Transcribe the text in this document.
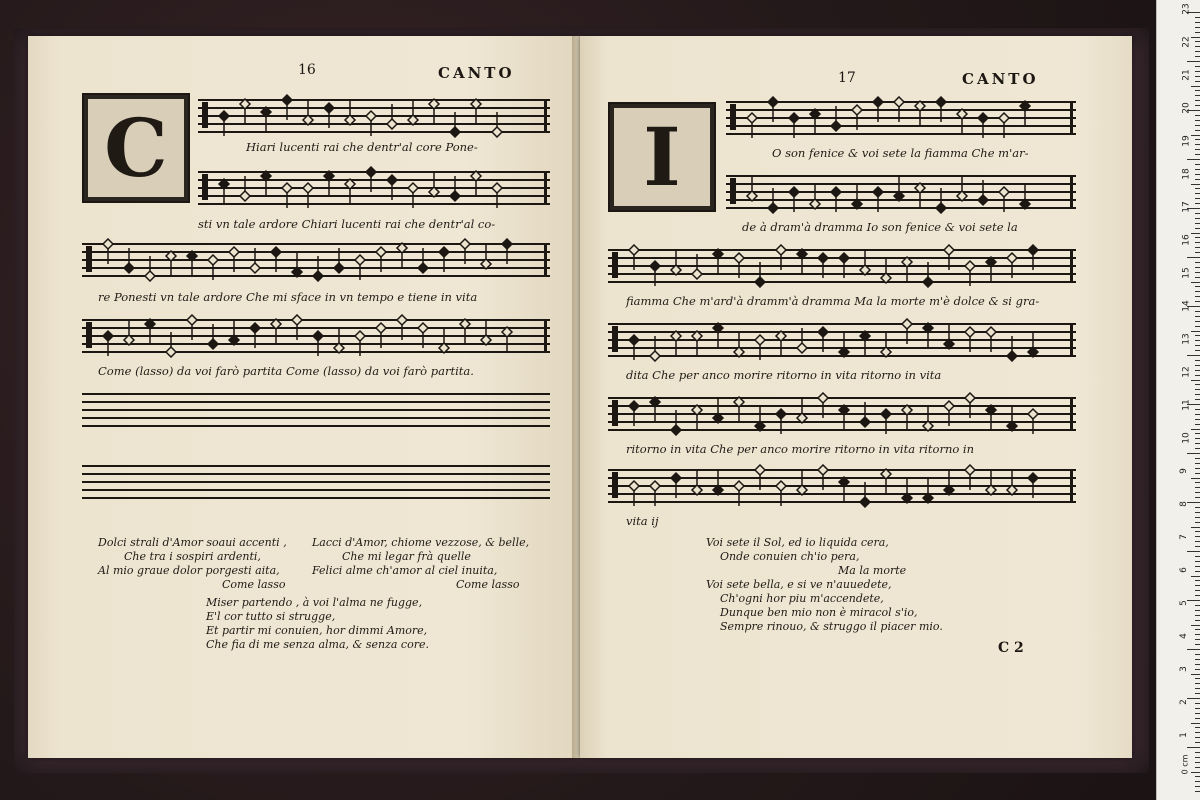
16	CANTO
C	Hiari lucenti rai che dentr'al core Pone-
sti vn tale ardore Chiari lucenti rai che dentr'al co-
re Ponesti vn tale ardore Che mi sface in vn tempo e tiene in vita
Come (lasso) da voi farò partita Come (lasso) da voi farò partita.
Dolci strali d'Amor soaui accenti ,
Che tra i sospiri ardenti,
Al mio graue dolor porgesti aita,
Come lasso
Lacci d'Amor, chiome vezzose, & belle,
Che mi legar frà quelle
Felici alme ch'amor al ciel inuita,
Come lasso
Miser partendo , à voi l'alma ne fugge,
E'l cor tutto si strugge,
Et partir mi conuien, hor dimmi Amore,
Che fia di me senza alma, & senza core.
17	CANTO
I	O son fenice & voi sete la fiamma Che m'ar-
de à dram'à dramma Io son fenice & voi sete la
fiamma Che m'ard'à dramm'à dramma Ma la morte m'è dolce & si gra-
dita Che per anco morire ritorno in vita ritorno in vita
ritorno in vita Che per anco morire ritorno in vita ritorno in
vita ij
Voi sete il Sol, ed io liquida cera,
Onde conuien ch'io pera,
Ma la morte
Voi sete bella, e si ve n'auuedete,
Ch'ogni hor piu m'accendete,
Dunque ben mio non è miracol s'io,
Sempre rinouo, & struggo il piacer mio.
C 2
23
22
21
20
19
18
17
16
15
14
13
12
11
10
9
8
7
6
5
4
3
2
1
0 cm
